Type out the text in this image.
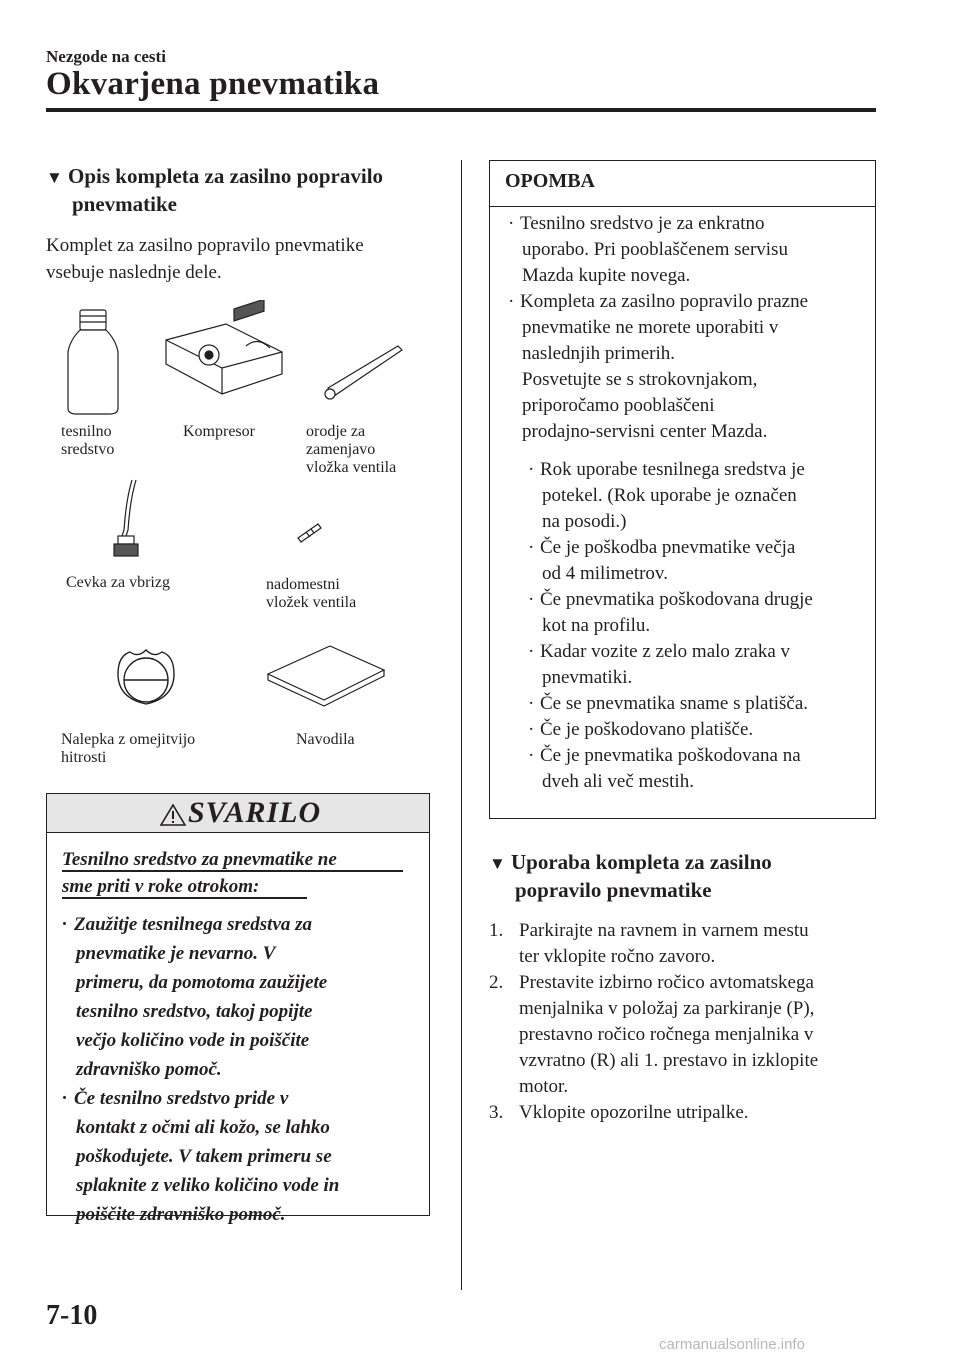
Nezgode na cesti
Okvarjena pnevmatika
▼ Opis kompleta za zasilno popravilo
pnevmatike
Komplet za zasilno popravilo pnevmatike
vsebuje naslednje dele.
tesnilno
sredstvo
Kompresor	orodje za
zamenjavo
vložka ventila
Cevka za vbrizg	nadomestni
vložek ventila
Nalepka z omejitvijo
hitrosti
Navodila
SVARILO
Tesnilno sredstvo za pnevmatike ne
sme priti v roke otrokom:
· Zaužitje tesnilnega sredstva za
pnevmatike je nevarno. V
primeru, da pomotoma zaužijete
tesnilno sredstvo, takoj popijte
večjo količino vode in poiščite
zdravniško pomoč.
· Če tesnilno sredstvo pride v
kontakt z očmi ali kožo, se lahko
poškodujete. V takem primeru se
splaknite z veliko količino vode in
poiščite zdravniško pomoč.
OPOMBA
· Tesnilno sredstvo je za enkratno
uporabo. Pri pooblaščenem servisu
Mazda kupite novega.
· Kompleta za zasilno popravilo prazne
pnevmatike ne morete uporabiti v
naslednjih primerih.
Posvetujte se s strokovnjakom,
priporočamo pooblaščeni
prodajno-servisni center Mazda.
· Rok uporabe tesnilnega sredstva je
potekel. (Rok uporabe je označen
na posodi.)
· Če je poškodba pnevmatike večja
od 4 milimetrov.
· Če pnevmatika poškodovana drugje
kot na profilu.
· Kadar vozite z zelo malo zraka v
pnevmatiki.
· Če se pnevmatika sname s platišča.
· Če je poškodovano platišče.
· Če je pnevmatika poškodovana na
dveh ali več mestih.
▼ Uporaba kompleta za zasilno
popravilo pnevmatike
1. Parkirajte na ravnem in varnem mestu
ter vklopite ročno zavoro.
2. Prestavite izbirno ročico avtomatskega
menjalnika v položaj za parkiranje (P),
prestavno ročico ročnega menjalnika v
vzvratno (R) ali 1. prestavo in izklopite
motor.
3. Vklopite opozorilne utripalke.
7-10
carmanualsonline.info
